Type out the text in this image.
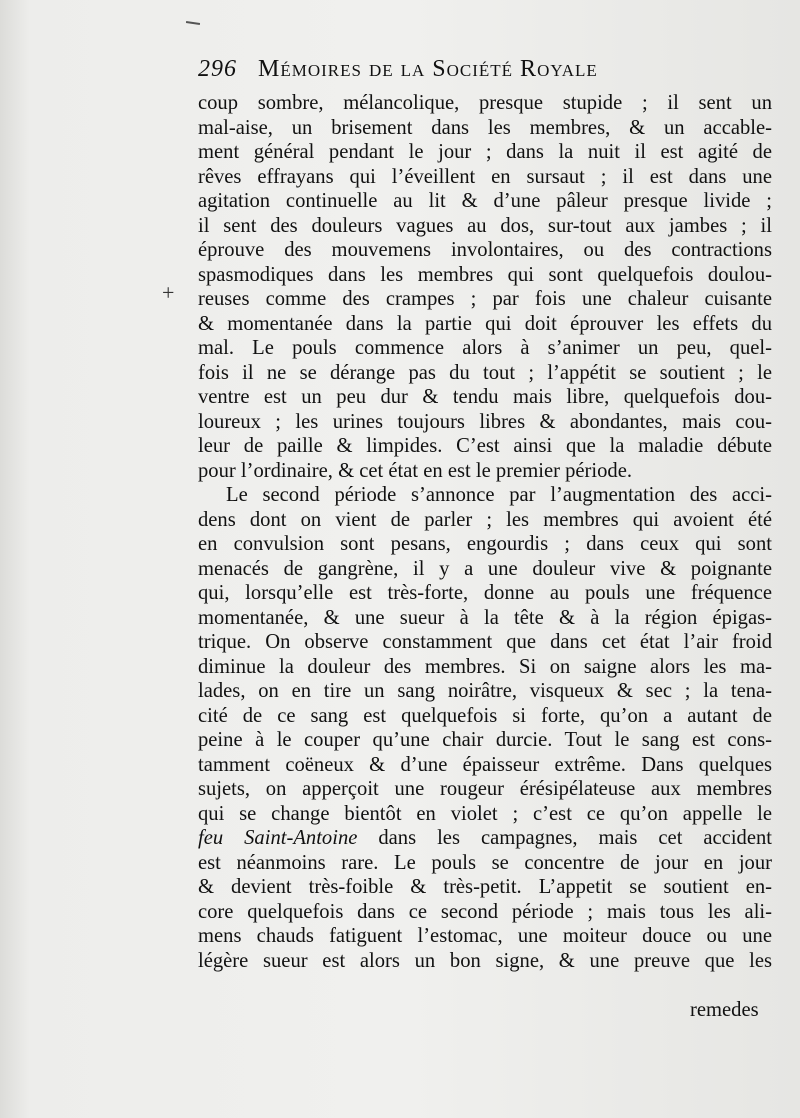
296 Mémoires de la Société Royale
+
coup sombre, mélancolique, presque stupide ; il sent un
mal-aise, un brisement dans les membres, & un accable-
ment général pendant le jour ; dans la nuit il est agité de
rêves effrayans qui l’éveillent en sursaut ; il est dans une
agitation continuelle au lit & d’une pâleur presque livide ;
il sent des douleurs vagues au dos, sur-tout aux jambes ; il
éprouve des mouvemens involontaires, ou des contractions
spasmodiques dans les membres qui sont quelquefois doulou-
reuses comme des crampes ; par fois une chaleur cuisante
& momentanée dans la partie qui doit éprouver les effets du
mal. Le pouls commence alors à s’animer un peu, quel-
fois il ne se dérange pas du tout ; l’appétit se soutient ; le
ventre est un peu dur & tendu mais libre, quelquefois dou-
loureux ; les urines toujours libres & abondantes, mais cou-
leur de paille & limpides. C’est ainsi que la maladie débute
pour l’ordinaire, & cet état en est le premier période.
Le second période s’annonce par l’augmentation des acci-
dens dont on vient de parler ; les membres qui avoient été
en convulsion sont pesans, engourdis ; dans ceux qui sont
menacés de gangrène, il y a une douleur vive & poignante
qui, lorsqu’elle est très-forte, donne au pouls une fréquence
momentanée, & une sueur à la tête & à la région épigas-
trique. On observe constamment que dans cet état l’air froid
diminue la douleur des membres. Si on saigne alors les ma-
lades, on en tire un sang noirâtre, visqueux & sec ; la tena-
cité de ce sang est quelquefois si forte, qu’on a autant de
peine à le couper qu’une chair durcie. Tout le sang est cons-
tamment coëneux & d’une épaisseur extrême. Dans quelques
sujets, on apperçoit une rougeur érésipélateuse aux membres
qui se change bientôt en violet ; c’est ce qu’on appelle le
feu Saint-Antoine dans les campagnes, mais cet accident
est néanmoins rare. Le pouls se concentre de jour en jour
& devient très-foible & très-petit. L’appetit se soutient en-
core quelquefois dans ce second période ; mais tous les ali-
mens chauds fatiguent l’estomac, une moiteur douce ou une
légère sueur est alors un bon signe, & une preuve que les
remedes
